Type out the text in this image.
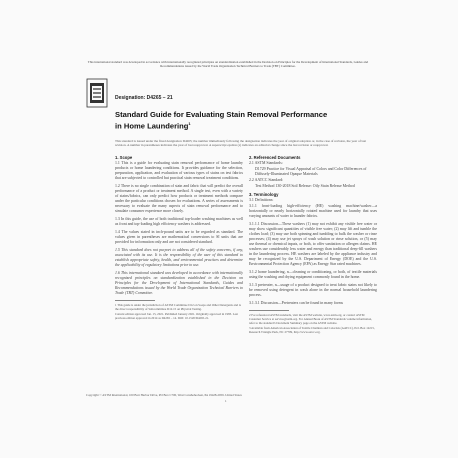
This international standard was developed in accordance with internationally recognized principles on standardization established in the Decision on Principles for the Development of International Standards, Guides and Recommendations issued by the World Trade Organization Technical Barriers to Trade (TBT) Committee.
Designation: D4265 − 21
Standard Guide for Evaluating Stain Removal Performance in Home Laundering$^1$
This standard is issued under the fixed designation D4265; the number immediately following the designation indicates the year of original adoption or, in the case of revision, the year of last revision. A number in parentheses indicates the year of last reapproval. A superscript epsilon (ε) indicates an editorial change since the last revision or reapproval.
1. Scope
1.1 This is a guide for evaluating stain removal performance of home laundry products or home laundering conditions. It provides guidance for the selection, preparation, application, and evaluation of various types of stains on test fabrics that are subjected to controlled but practical stain removal treatment conditions.
1.2 There is no single combination of stain and fabric that will predict the overall performance of a product or treatment method. A single test, even with a variety of stains/fabrics, can only predict how products or treatment methods compare under the particular conditions chosen for evaluations. A series of assessments is necessary to evaluate the many aspects of stain removal performance and to simulate consumer experience more closely.
1.3 In this guide, the use of both traditional top-loader washing machines as well as front and top-loading high efficiency washers is addressed.
1.4 The values stated in inch-pound units are to be regarded as standard. The values given in parentheses are mathematical conversions to SI units that are provided for information only and are not considered standard.
1.5 This standard does not purport to address all of the safety concerns, if any, associated with its use. It is the responsibility of the user of this standard to establish appropriate safety, health, and environmental practices and determine the applicability of regulatory limitations prior to use.
1.6 This international standard was developed in accordance with internationally recognized principles on standardization established in the Decision on Principles for the Development of International Standards, Guides and Recommendations issued by the World Trade Organization Technical Barriers to Trade (TBT) Committee.
1 This guide is under the jurisdiction of ASTM Committee D12 on Soaps and Other Detergents and is the direct responsibility of Subcommittee D12.15 on Physical Testing.
Current edition approved Jan. 15, 2021. Published January 2021. Originally approved in 1983. Last previous edition approved in 2014 as D4265 – 14. DOI: 10.1520/D4265-21.
2. Referenced Documents
2.1 ASTM Standards:
D1729 Practice for Visual Appraisal of Colors and Color Differences of Diffusely-Illuminated Opaque Materials
2.2 AATCC Standard:
Test Method 130-2018 Soil Release: Oily Stain Release Method
3. Terminology
3.1 Definitions:
3.1.1 front-loading high-efficiency (HE) washing machine/washer—a horizontally or nearly horizontally rotated machine used for laundry that uses varying amounts of water to launder fabrics.
3.1.1.1 Discussion—These washers (1) may not exhibit any visible free water or may show significant quantities of visible free water; (2) may lift and tumble the clothes load; (3) may use both spinning and tumbling to bulk the washer or rinse processes; (4) may use jet sprays of wash solution or rinse solution, or (5) may use thermal or chemical inputs, or both, to offer sanitation or allergen claims. HE washers use considerably less water and energy than traditional deep-fill washers in the laundering process. HE washers are labeled by the appliance industry and may be recognized by the U.S. Department of Energy (DOE) and the U.S. Environmental Protection Agency (EPA) as Energy Star rated machines.
3.1.2 home laundering, n—cleaning or conditioning, or both, of textile materials using the washing and drying equipment commonly found in the home.
3.1.3 pretreater, n—usage of a product designed to treat fabric stains not likely to be removed using detergent in wash alone in the normal household laundering process.
3.1.3.1 Discussion—Pretreaters can be found in many forms
2 For referenced ASTM standards, visit the ASTM website, www.astm.org, or contact ASTM Customer Service at service@astm.org. For Annual Book of ASTM Standards volume information, refer to the standard's Document Summary page on the ASTM website.
3 Available from American Association of Textile Chemists and Colorists (AATCC), P.O. Box 12215, Research Triangle Park, NC 27709, http://www.aatcc.org.
Copyright © ASTM International, 100 Barr Harbor Drive, PO Box C700, West Conshohocken, PA 19428-2959. United States
1
